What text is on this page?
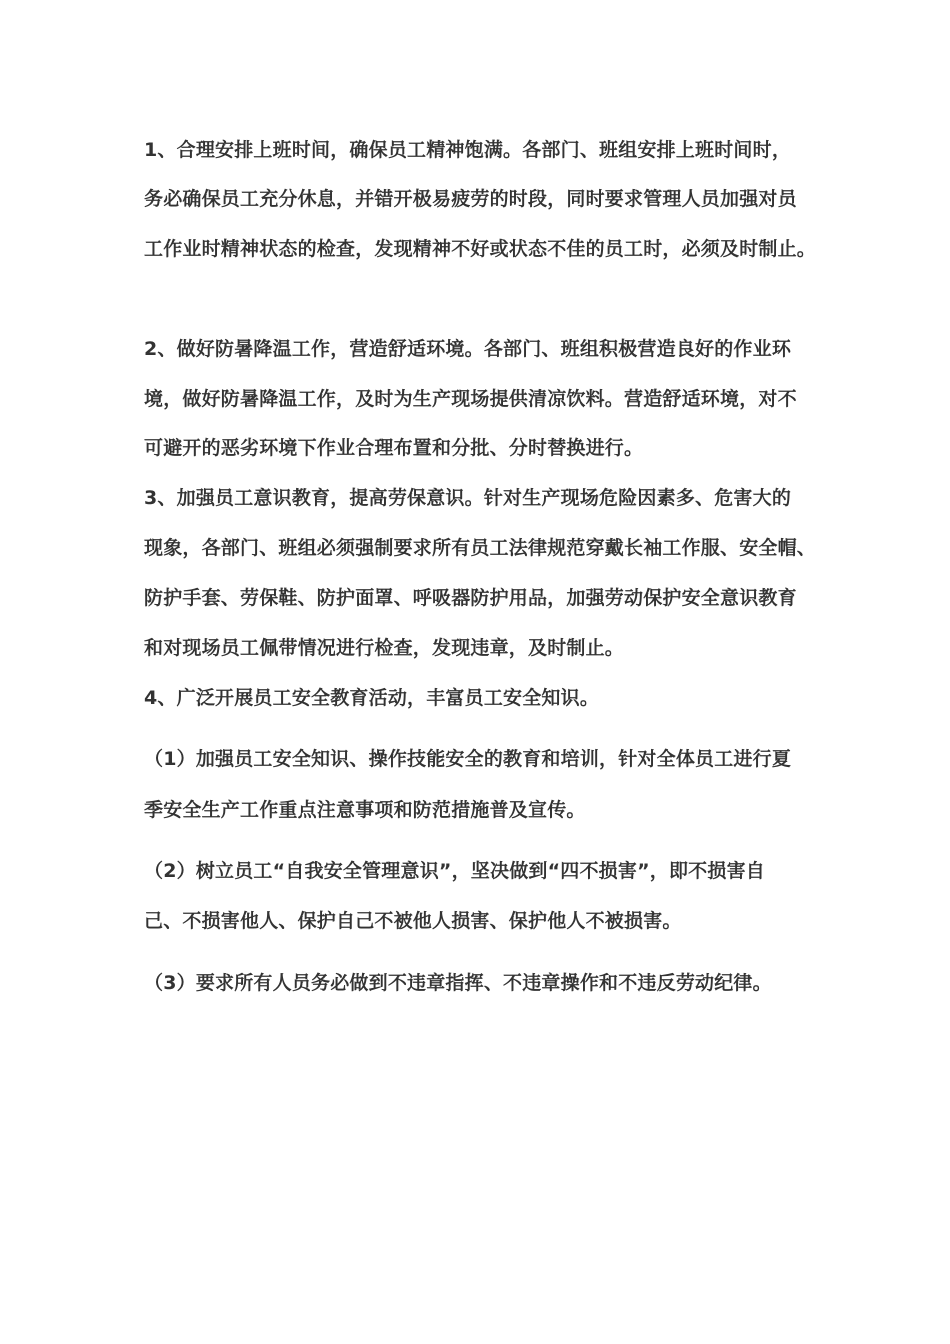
1、合理安排上班时间，确保员工精神饱满。各部门、班组安排上班时间时，
务必确保员工充分休息，并错开极易疲劳的时段，同时要求管理人员加强对员
工作业时精神状态的检查，发现精神不好或状态不佳的员工时，必须及时制止。
2、做好防暑降温工作，营造舒适环境。各部门、班组积极营造良好的作业环
境，做好防暑降温工作，及时为生产现场提供清凉饮料。营造舒适环境，对不
可避开的恶劣环境下作业合理布置和分批、分时替换进行。
3、加强员工意识教育，提高劳保意识。针对生产现场危险因素多、危害大的
现象，各部门、班组必须强制要求所有员工法律规范穿戴长袖工作服、安全帽、
防护手套、劳保鞋、防护面罩、呼吸器防护用品，加强劳动保护安全意识教育
和对现场员工佩带情况进行检查，发现违章，及时制止。
4、广泛开展员工安全教育活动，丰富员工安全知识。
（1）加强员工安全知识、操作技能安全的教育和培训，针对全体员工进行夏
季安全生产工作重点注意事项和防范措施普及宣传。
（2）树立员工“自我安全管理意识”，坚决做到“四不损害”，即不损害自
己、不损害他人、保护自己不被他人损害、保护他人不被损害。
（3）要求所有人员务必做到不违章指挥、不违章操作和不违反劳动纪律。
